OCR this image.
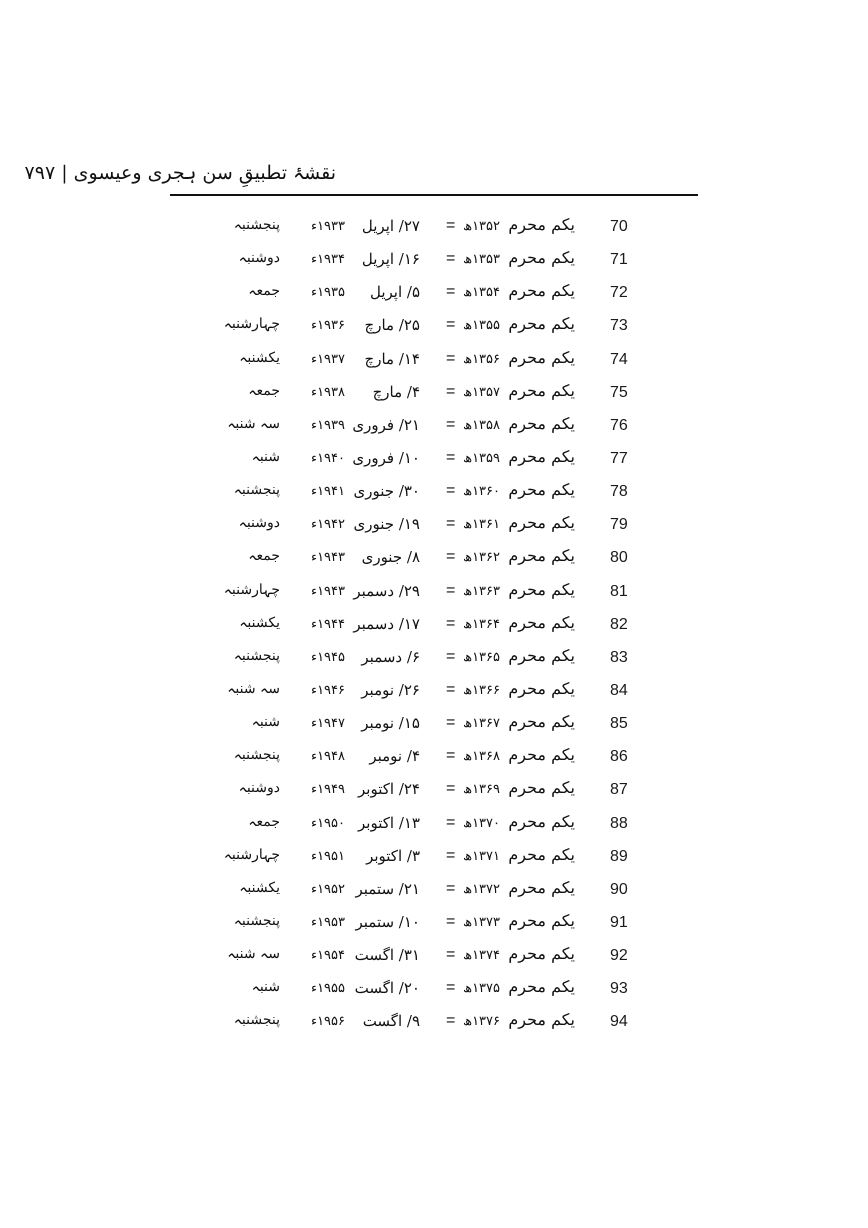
نقشۂ تطبیقِ سن ہجری وعیسوی | ۷۹۷
70
یکم محرم
۱۳۵۲ھ
=
۲۷/ اپریل
۱۹۳۳ء
پنجشنبہ
71
یکم محرم
۱۳۵۳ھ
=
۱۶/ اپریل
۱۹۳۴ء
دوشنبہ
72
یکم محرم
۱۳۵۴ھ
=
۵/ اپریل
۱۹۳۵ء
جمعہ
73
یکم محرم
۱۳۵۵ھ
=
۲۵/ مارچ
۱۹۳۶ء
چہارشنبہ
74
یکم محرم
۱۳۵۶ھ
=
۱۴/ مارچ
۱۹۳۷ء
یکشنبہ
75
یکم محرم
۱۳۵۷ھ
=
۴/ مارچ
۱۹۳۸ء
جمعہ
76
یکم محرم
۱۳۵۸ھ
=
۲۱/ فروری
۱۹۳۹ء
سہ شنبہ
77
یکم محرم
۱۳۵۹ھ
=
۱۰/ فروری
۱۹۴۰ء
شنبہ
78
یکم محرم
۱۳۶۰ھ
=
۳۰/ جنوری
۱۹۴۱ء
پنجشنبہ
79
یکم محرم
۱۳۶۱ھ
=
۱۹/ جنوری
۱۹۴۲ء
دوشنبہ
80
یکم محرم
۱۳۶۲ھ
=
۸/ جنوری
۱۹۴۳ء
جمعہ
81
یکم محرم
۱۳۶۳ھ
=
۲۹/ دسمبر
۱۹۴۳ء
چہارشنبہ
82
یکم محرم
۱۳۶۴ھ
=
۱۷/ دسمبر
۱۹۴۴ء
یکشنبہ
83
یکم محرم
۱۳۶۵ھ
=
۶/ دسمبر
۱۹۴۵ء
پنجشنبہ
84
یکم محرم
۱۳۶۶ھ
=
۲۶/ نومبر
۱۹۴۶ء
سہ شنبہ
85
یکم محرم
۱۳۶۷ھ
=
۱۵/ نومبر
۱۹۴۷ء
شنبہ
86
یکم محرم
۱۳۶۸ھ
=
۴/ نومبر
۱۹۴۸ء
پنجشنبہ
87
یکم محرم
۱۳۶۹ھ
=
۲۴/ اکتوبر
۱۹۴۹ء
دوشنبہ
88
یکم محرم
۱۳۷۰ھ
=
۱۳/ اکتوبر
۱۹۵۰ء
جمعہ
89
یکم محرم
۱۳۷۱ھ
=
۳/ اکتوبر
۱۹۵۱ء
چہارشنبہ
90
یکم محرم
۱۳۷۲ھ
=
۲۱/ ستمبر
۱۹۵۲ء
یکشنبہ
91
یکم محرم
۱۳۷۳ھ
=
۱۰/ ستمبر
۱۹۵۳ء
پنجشنبہ
92
یکم محرم
۱۳۷۴ھ
=
۳۱/ اگست
۱۹۵۴ء
سہ شنبہ
93
یکم محرم
۱۳۷۵ھ
=
۲۰/ اگست
۱۹۵۵ء
شنبہ
94
یکم محرم
۱۳۷۶ھ
=
۹/ اگست
۱۹۵۶ء
پنجشنبہ
